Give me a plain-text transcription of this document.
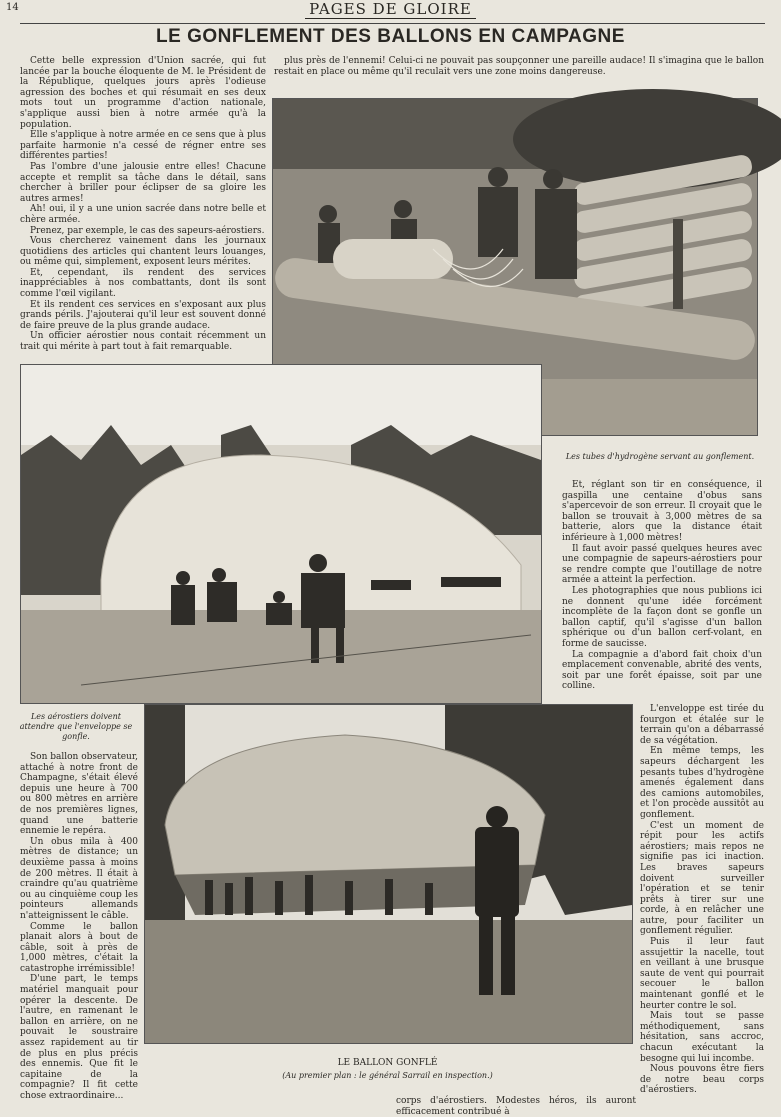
14	PAGES DE GLOIRE
LE GONFLEMENT DES BALLONS EN CAMPAGNE

Cette belle expression d'Union sacrée, qui fut lancée par la bouche éloquente de M. le Président de la République, quelques jours après l'odieuse agression des boches et qui résumait en ses deux mots tout un programme d'action nationale, s'applique aussi bien à notre armée qu'à la population.

Elle s'applique à notre armée en ce sens que à plus parfaite harmonie n'a cessé de régner entre ses différentes parties!

Pas l'ombre d'une jalousie entre elles! Chacune accepte et remplit sa tâche dans le détail, sans chercher à briller pour éclipser de sa gloire les autres armes!

Ah! oui, il y a une union sacrée dans notre belle et chère armée.

Prenez, par exemple, le cas des sapeurs-aérostiers.

Vous chercherez vainement dans les journaux quotidiens des articles qui chantent leurs louanges, ou même qui, simplement, exposent leurs mérites.

Et, cependant, ils rendent des services inappréciables à nos combattants, dont ils sont comme l'œil vigilant.

Et ils rendent ces services en s'exposant aux plus grands périls. J'ajouterai qu'il leur est souvent donné de faire preuve de la plus grande audace.

Un officier aérostier nous contait récemment un trait qui mérite à part tout à fait remarquable.

plus près de l'ennemi! Celui-ci ne pouvait pas soupçonner une pareille audace! Il s'imagina que le ballon restait en place ou même qu'il reculait vers une zone moins dangereuse.

Les tubes d'hydrogène servant au gonflement.
Les aérostiers doivent attendre que l'enveloppe se gonfle.
LE BALLON GONFLÉ
(Au premier plan : le général Sarrail en inspection.)

Et, réglant son tir en conséquence, il gaspilla une centaine d'obus sans s'apercevoir de son erreur. Il croyait que le ballon se trouvait à 3,000 mètres de sa batterie, alors que la distance était inférieure à 1,000 mètres!

Il faut avoir passé quelques heures avec une compagnie de sapeurs-aérostiers pour se rendre compte que l'outillage de notre armée a atteint la perfection.

Les photographies que nous publions ici ne donnent qu'une idée forcément incomplète de la façon dont se gonfle un ballon captif, qu'il s'agisse d'un ballon sphérique ou d'un ballon cerf-volant, en forme de saucisse.

La compagnie a d'abord fait choix d'un emplacement convenable, abrité des vents, soit par une forêt épaisse, soit par une colline.

L'enveloppe est tirée du fourgon et étalée sur le terrain qu'on a débarrassé de sa végétation.

En même temps, les sapeurs déchargent les pesants tubes d'hydrogène amenés également dans des camions automobiles, et l'on procède aussitôt au gonflement.

C'est un moment de répit pour les actifs aérostiers; mais repos ne signifie pas ici inaction. Les braves sapeurs doivent surveiller l'opération et se tenir prêts à tirer sur une corde, à en relâcher une autre, pour faciliter un gonflement régulier.

Puis il leur faut assujettir la nacelle, tout en veillant à une brusque saute de vent qui pourrait secouer le ballon maintenant gonflé et le heurter contre le sol.

Mais tout se passe méthodiquement, sans hésitation, sans accroc, chacun exécutant la besogne qui lui incombe.

Nous pouvons être fiers de notre beau corps d'aérostiers.

Son ballon observateur, attaché à notre front de Champagne, s'était élevé depuis une heure à 700 ou 800 mètres en arrière de nos premières lignes, quand une batterie ennemie le repéra.

Un obus mila à 400 mètres de distance; un deuxième passa à moins de 200 mètres. Il était à craindre qu'au quatrième ou au cinquième coup les pointeurs allemands n'atteignissent le câble.

Comme le ballon planait alors à bout de câble, soit à près de 1,000 mètres, c'était la catastrophe irrémissible!

D'une part, le temps matériel manquait pour opérer la descente. De l'autre, en ramenant le ballon en arrière, on ne pouvait le soustraire assez rapidement au tir de plus en plus précis des ennemis. Que fit le capitaine de la compagnie? Il fit cette chose extraordinaire...	corps d'aérostiers. Modestes héros, ils auront efficacement contribué à
